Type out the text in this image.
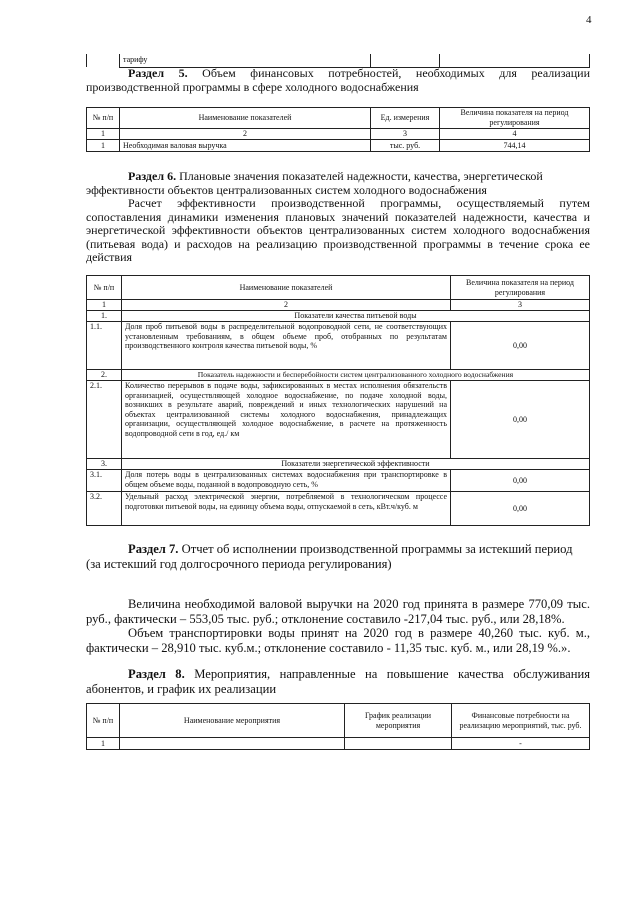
4
	тарифу		
Раздел 5. Объем финансовых потребностей, необходимых для реализации производственной программы в сфере холодного водоснабжения
№ п/п	Наименование показателей	Ед. измерения	Величина показателя на период регулирования
1	2	3	4
1	Необходимая валовая выручка	тыс. руб.	744,14
Раздел 6. Плановые значения показателей надежности, качества, энергетической эффективности объектов централизованных систем холодного водоснабжения
Расчет эффективности производственной программы, осуществляемый путем сопоставления динамики изменения плановых значений показателей надежности, качества и энергетической эффективности объектов централизованных систем холодного водоснабжения (питьевая вода) и расходов на реализацию производственной программы в течение срока ее действия
№ п/п	Наименование показателей	Величина показателя на период регулирования
1	2	3
1.	Показатели качества питьевой воды	
1.1.	Доля проб питьевой воды в распределительной водопроводной сети, не соответствующих установленным требованиям, в общем объеме проб, отобранных по результатам производственного контроля качества питьевой воды, %	0,00
2.	Показатель надежности и бесперебойности систем централизованного холодного водоснабжения	
2.1.	Количество перерывов в подаче воды, зафиксированных в местах исполнения обязательств организацией, осуществляющей холодное водоснабжение, по подаче холодной воды, возникших в результате аварий, повреждений и иных технологических нарушений на объектах централизованной системы холодного водоснабжения, принадлежащих организации, осуществляющей холодное водоснабжение, в расчете на протяженность водопроводной сети в год, ед./ км	0,00
3.	Показатели энергетической эффективности	
3.1.	Доля потерь воды в централизованных системах водоснабжения при транспортировке в общем объеме воды, поданной в водопроводную сеть, %	0,00
3.2.	Удельный расход электрической энергии, потребляемой в технологическом процессе подготовки питьевой воды, на единицу объема воды, отпускаемой в сеть, кВт.ч/куб. м	0,00
Раздел 7. Отчет об исполнении производственной программы за истекший период (за истекший год долгосрочного периода регулирования)
Величина необходимой валовой выручки на 2020 год принята в размере 770,09 тыс. руб., фактически – 553,05 тыс. руб.; отклонение составило -217,04 тыс. руб., или 28,18%.
Объем транспортировки воды принят на 2020 год в размере 40,260 тыс. куб. м., фактически – 28,910 тыс. куб.м.; отклонение составило - 11,35 тыс. куб. м., или 28,19 %.».
Раздел 8. Мероприятия, направленные на повышение качества обслуживания абонентов, и график их реализации
№ п/п	Наименование мероприятия	График реализации мероприятия	Финансовые потребности на реализацию мероприятий, тыс. руб.
1			-
